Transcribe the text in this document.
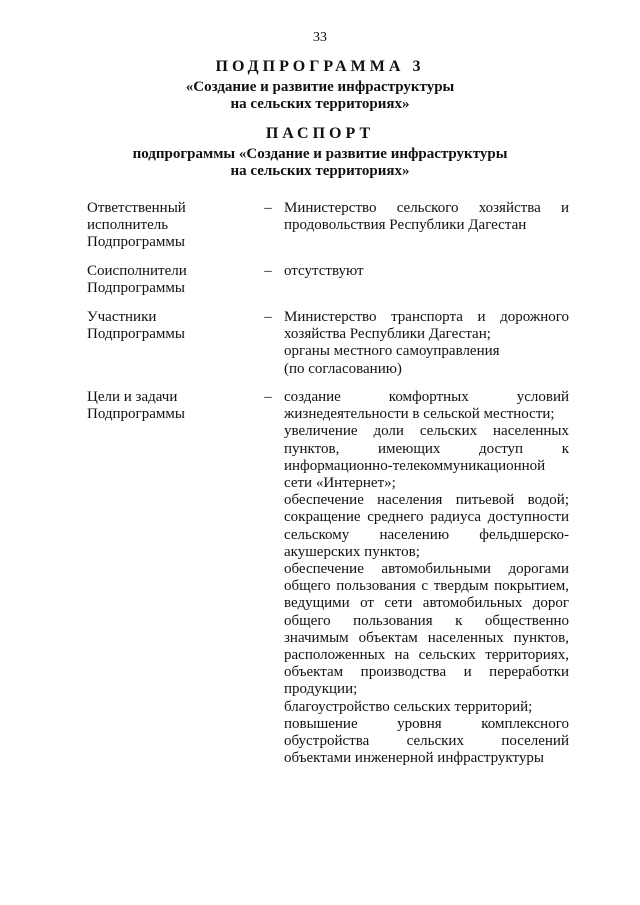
33
ПОДПРОГРАММА 3
«Создание и развитие инфраструктуры
на сельских территориях»
ПАСПОРТ
подпрограммы «Создание и развитие инфраструктуры
на сельских территориях»
Ответственный
исполнитель
Подпрограммы
– Министерство сельского хозяйства и
продовольствия Республики Дагестан
Соисполнители
Подпрограммы
– отсутствуют
Участники
Подпрограммы
– Министерство транспорта и дорожного
хозяйства Республики Дагестан;
органы местного самоуправления
(по согласованию)
Цели и задачи
Подпрограммы
– создание комфортных условий
жизнедеятельности в сельской местности;
увеличение доли сельских населенных
пунктов, имеющих доступ к
информационно-телекоммуникационной
сети «Интернет»;
обеспечение населения питьевой водой;
сокращение среднего радиуса доступности
сельскому населению фельдшерско-
акушерских пунктов;
обеспечение автомобильными дорогами
общего пользования с твердым покрытием,
ведущими от сети автомобильных дорог
общего пользования к общественно
значимым объектам населенных пунктов,
расположенных на сельских территориях,
объектам производства и переработки
продукции;
благоустройство сельских территорий;
повышение уровня комплексного
обустройства сельских поселений
объектами инженерной инфраструктуры
